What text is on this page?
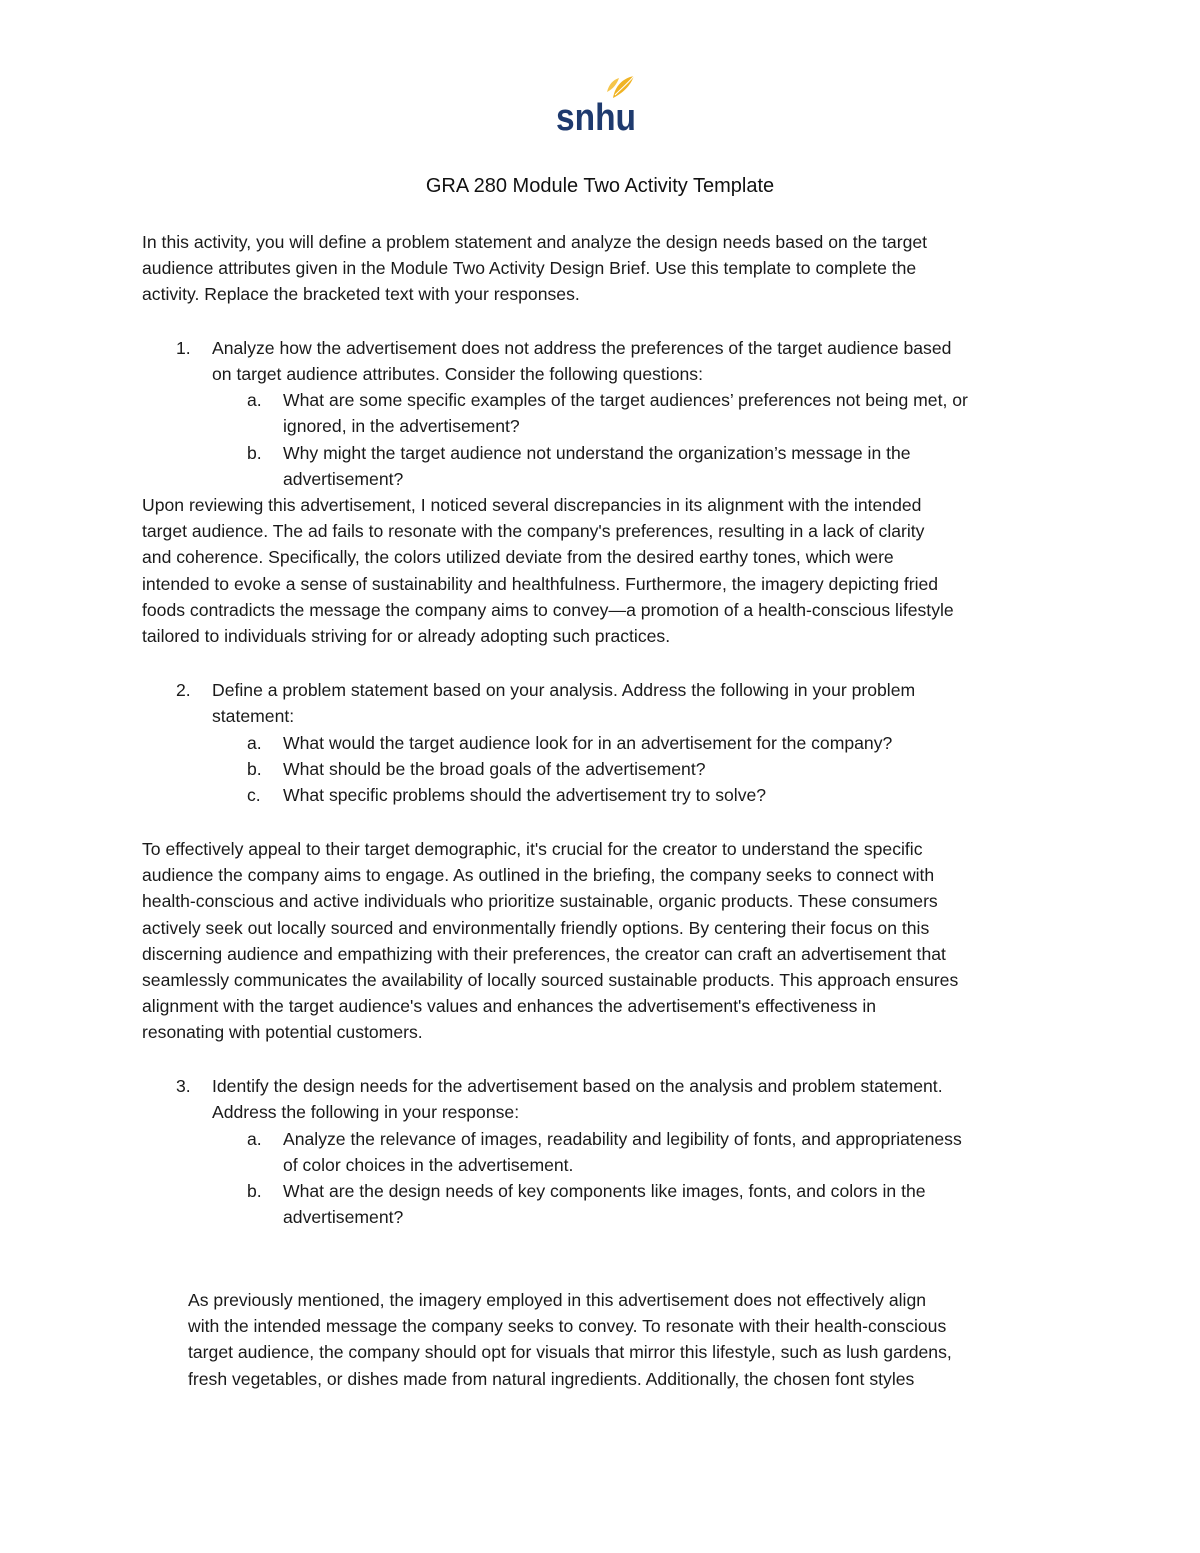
snhu
GRA 280 Module Two Activity Template

In this activity, you will define a problem statement and analyze the design needs based on the target
audience attributes given in the Module Two Activity Design Brief. Use this template to complete the
activity. Replace the bracketed text with your responses.

1. Analyze how the advertisement does not address the preferences of the target audience based
on target audience attributes. Consider the following questions:
a. What are some specific examples of the target audiences’ preferences not being met, or
ignored, in the advertisement?
b. Why might the target audience not understand the organization’s message in the
advertisement?

Upon reviewing this advertisement, I noticed several discrepancies in its alignment with the intended
target audience. The ad fails to resonate with the company's preferences, resulting in a lack of clarity
and coherence. Specifically, the colors utilized deviate from the desired earthy tones, which were
intended to evoke a sense of sustainability and healthfulness. Furthermore, the imagery depicting fried
foods contradicts the message the company aims to convey—a promotion of a health-conscious lifestyle
tailored to individuals striving for or already adopting such practices.

2. Define a problem statement based on your analysis. Address the following in your problem
statement:
a. What would the target audience look for in an advertisement for the company?
b. What should be the broad goals of the advertisement?
c. What specific problems should the advertisement try to solve?

To effectively appeal to their target demographic, it's crucial for the creator to understand the specific
audience the company aims to engage. As outlined in the briefing, the company seeks to connect with
health-conscious and active individuals who prioritize sustainable, organic products. These consumers
actively seek out locally sourced and environmentally friendly options. By centering their focus on this
discerning audience and empathizing with their preferences, the creator can craft an advertisement that
seamlessly communicates the availability of locally sourced sustainable products. This approach ensures
alignment with the target audience's values and enhances the advertisement's effectiveness in
resonating with potential customers.

3. Identify the design needs for the advertisement based on the analysis and problem statement.
Address the following in your response:
a. Analyze the relevance of images, readability and legibility of fonts, and appropriateness
of color choices in the advertisement.
b. What are the design needs of key components like images, fonts, and colors in the
advertisement?

As previously mentioned, the imagery employed in this advertisement does not effectively align
with the intended message the company seeks to convey. To resonate with their health-conscious
target audience, the company should opt for visuals that mirror this lifestyle, such as lush gardens,
fresh vegetables, or dishes made from natural ingredients. Additionally, the chosen font styles
